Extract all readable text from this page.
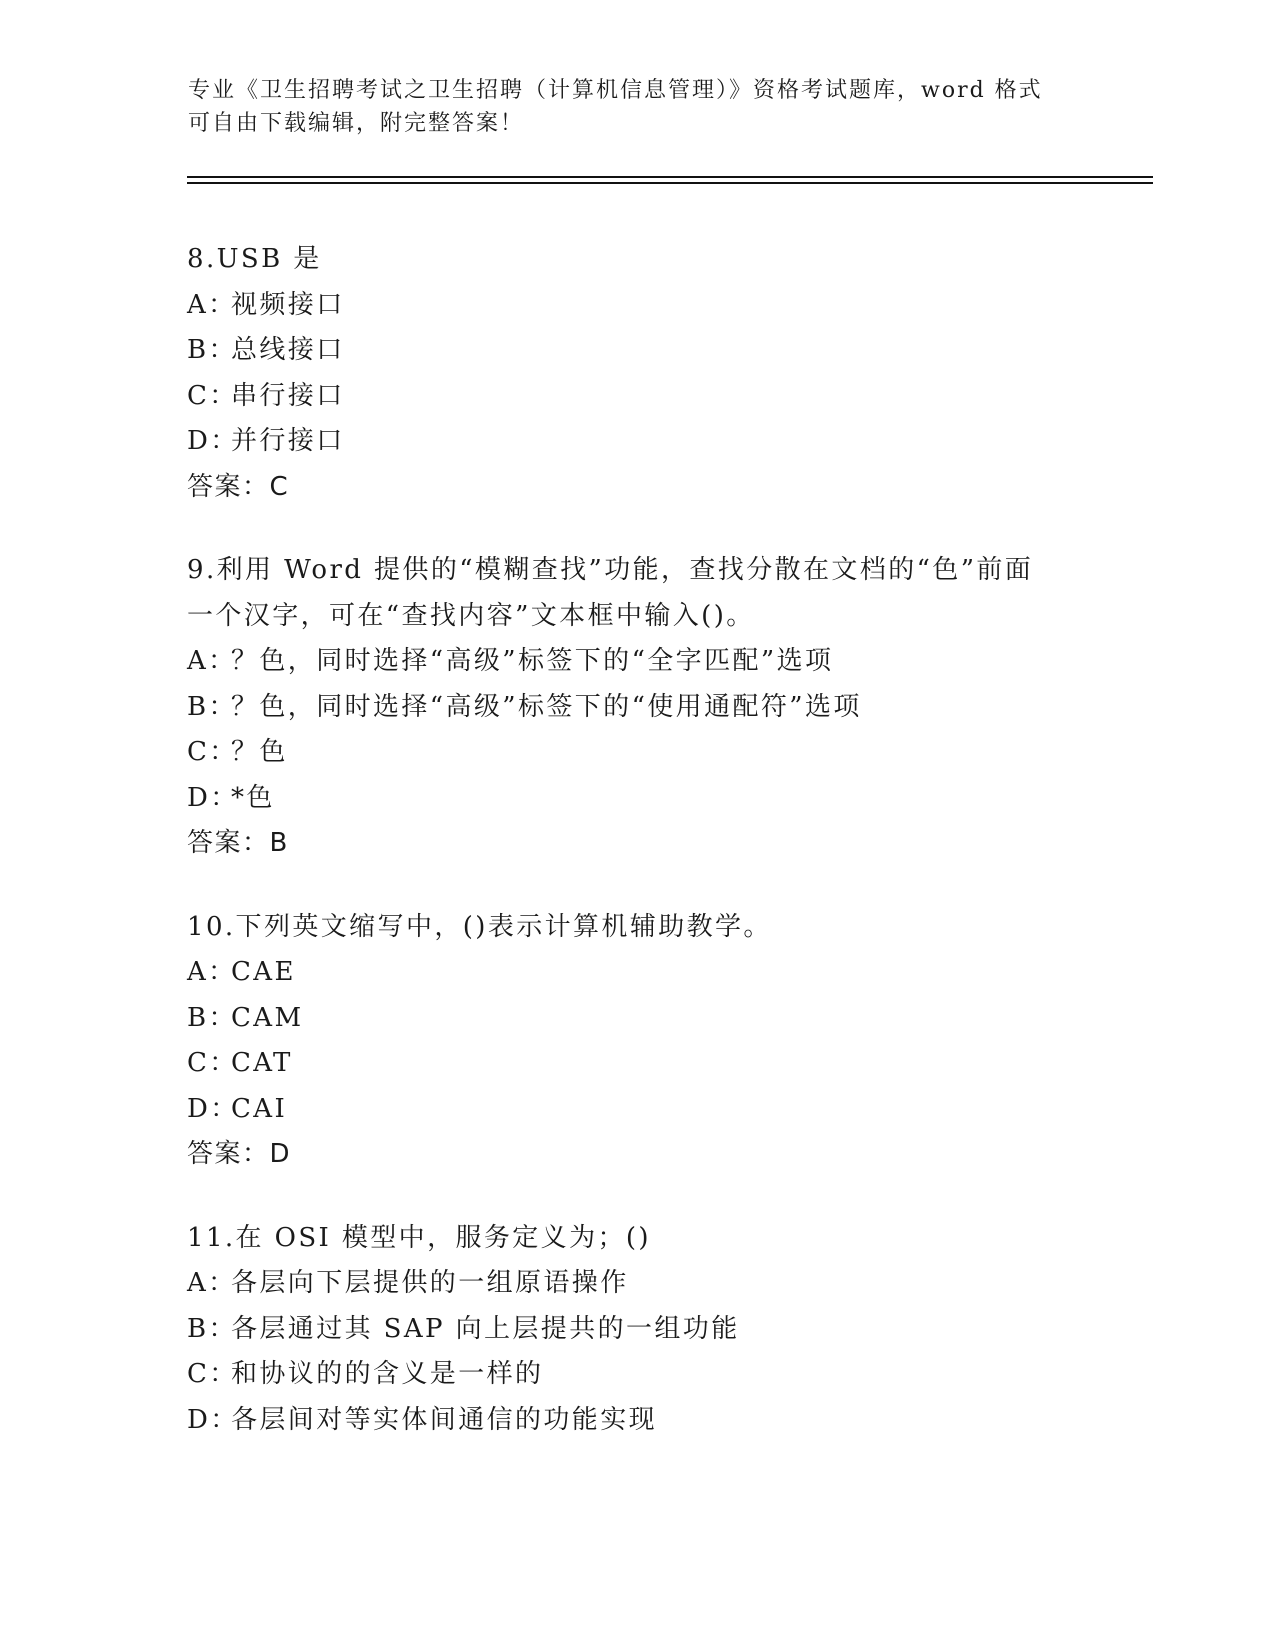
专业《卫生招聘考试之卫生招聘（计算机信息管理）》资格考试题库，word 格式
可自由下载编辑，附完整答案！
8.USB 是
A：视频接口
B：总线接口
C：串行接口
D：并行接口
答案：C
9.利用 Word 提供的“模糊查找”功能，查找分散在文档的“色”前面
一个汉字，可在“查找内容”文本框中输入()。
A：？色，同时选择“高级”标签下的“全字匹配”选项
B：？色，同时选择“高级”标签下的“使用通配符”选项
C：？色
D：*色
答案：B
10.下列英文缩写中，()表示计算机辅助教学。
A：CAE
B：CAM
C：CAT
D：CAI
答案：D
11.在 OSI 模型中，服务定义为；()
A：各层向下层提供的一组原语操作
B：各层通过其 SAP 向上层提共的一组功能
C：和协议的的含义是一样的
D：各层间对等实体间通信的功能实现
